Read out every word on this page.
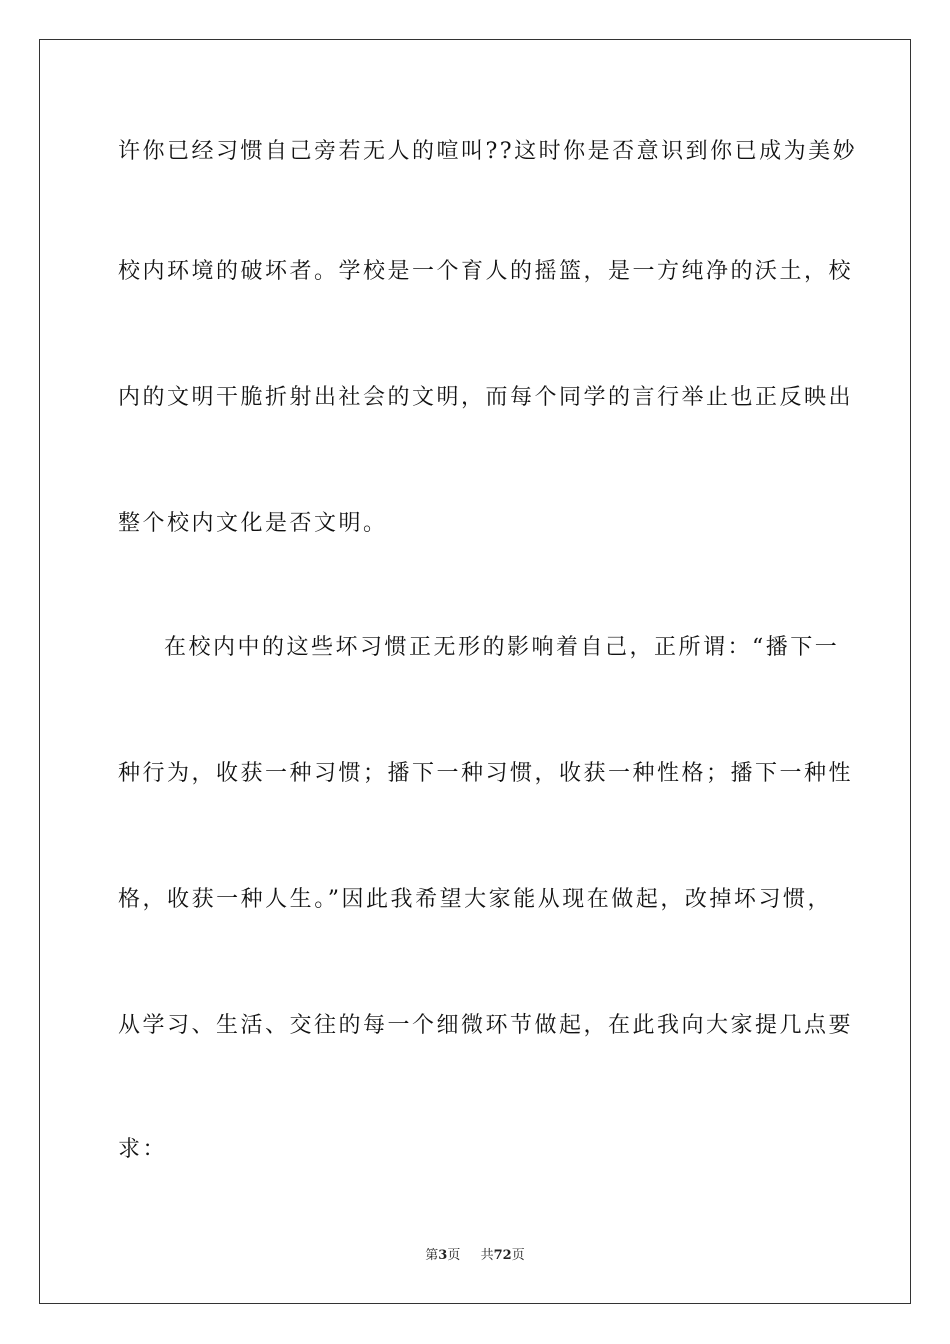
许你已经习惯自己旁若无人的喧叫??这时你是否意识到你已成为美妙
校内环境的破坏者。学校是一个育人的摇篮，是一方纯净的沃土，校
内的文明干脆折射出社会的文明，而每个同学的言行举止也正反映出
整个校内文化是否文明。
在校内中的这些坏习惯正无形的影响着自己，正所谓：“播下一
种行为，收获一种习惯；播下一种习惯，收获一种性格；播下一种性
格，收获一种人生。”因此我希望大家能从现在做起，改掉坏习惯，
从学习、生活、交往的每一个细微环节做起，在此我向大家提几点要
求：
第3页 共72页
